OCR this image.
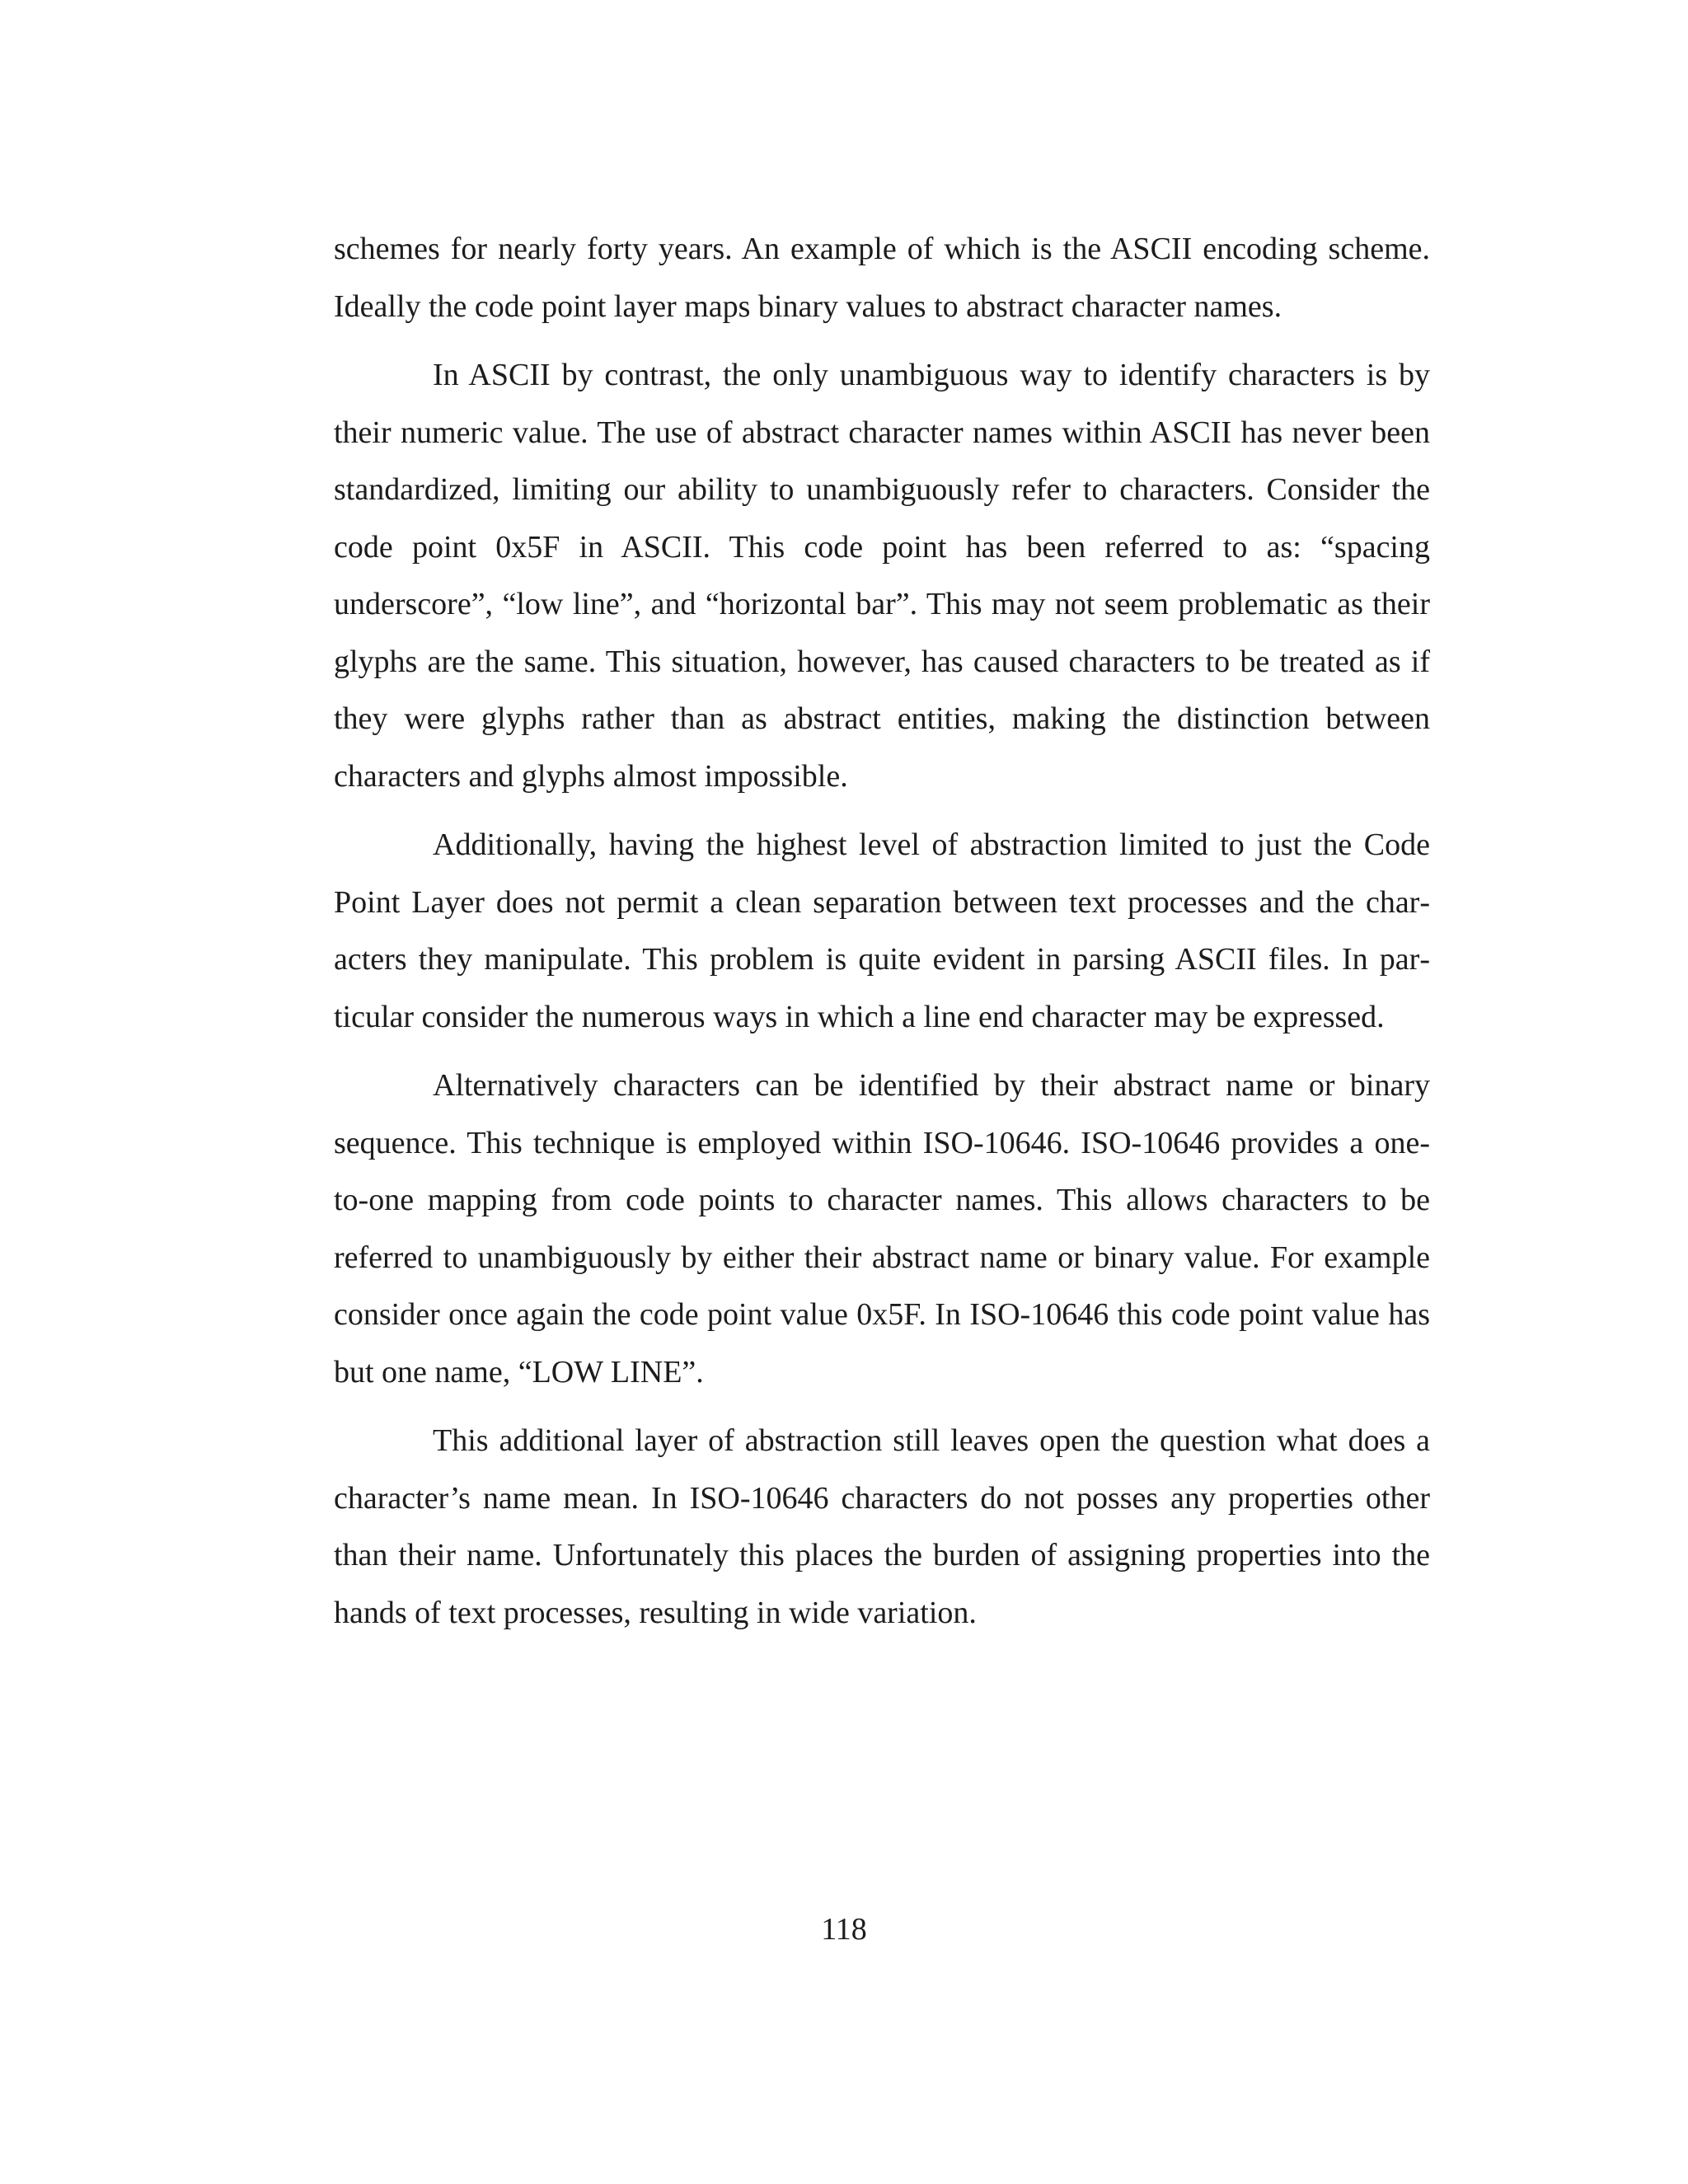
schemes for nearly forty years. An example of which is the ASCII encoding scheme. Ideally the code point layer maps binary values to abstract character names.

In ASCII by contrast, the only unambiguous way to identify characters is by their numeric value. The use of abstract character names within ASCII has never been standardized, limiting our ability to unambiguously refer to characters. Consider the code point 0x5F in ASCII. This code point has been referred to as: “spacing underscore”, “low line”, and “horizontal bar”. This may not seem problematic as their glyphs are the same. This situation, however, has caused characters to be treated as if they were glyphs rather than as abstract entities, making the distinction between characters and glyphs almost impossible.

Additionally, having the highest level of abstraction limited to just the Code Point Layer does not permit a clean separation between text processes and the characters they manipulate. This problem is quite evident in parsing ASCII files. In particular consider the numerous ways in which a line end character may be expressed.

Alternatively characters can be identified by their abstract name or binary sequence. This technique is employed within ISO-10646. ISO-10646 provides a one-to-one mapping from code points to character names. This allows characters to be referred to unambiguously by either their abstract name or binary value. For example consider once again the code point value 0x5F. In ISO-10646 this code point value has but one name, “LOW LINE”.

This additional layer of abstraction still leaves open the question what does a character’s name mean. In ISO-10646 characters do not posses any properties other than their name. Unfortunately this places the burden of assigning properties into the hands of text processes, resulting in wide variation.

118
